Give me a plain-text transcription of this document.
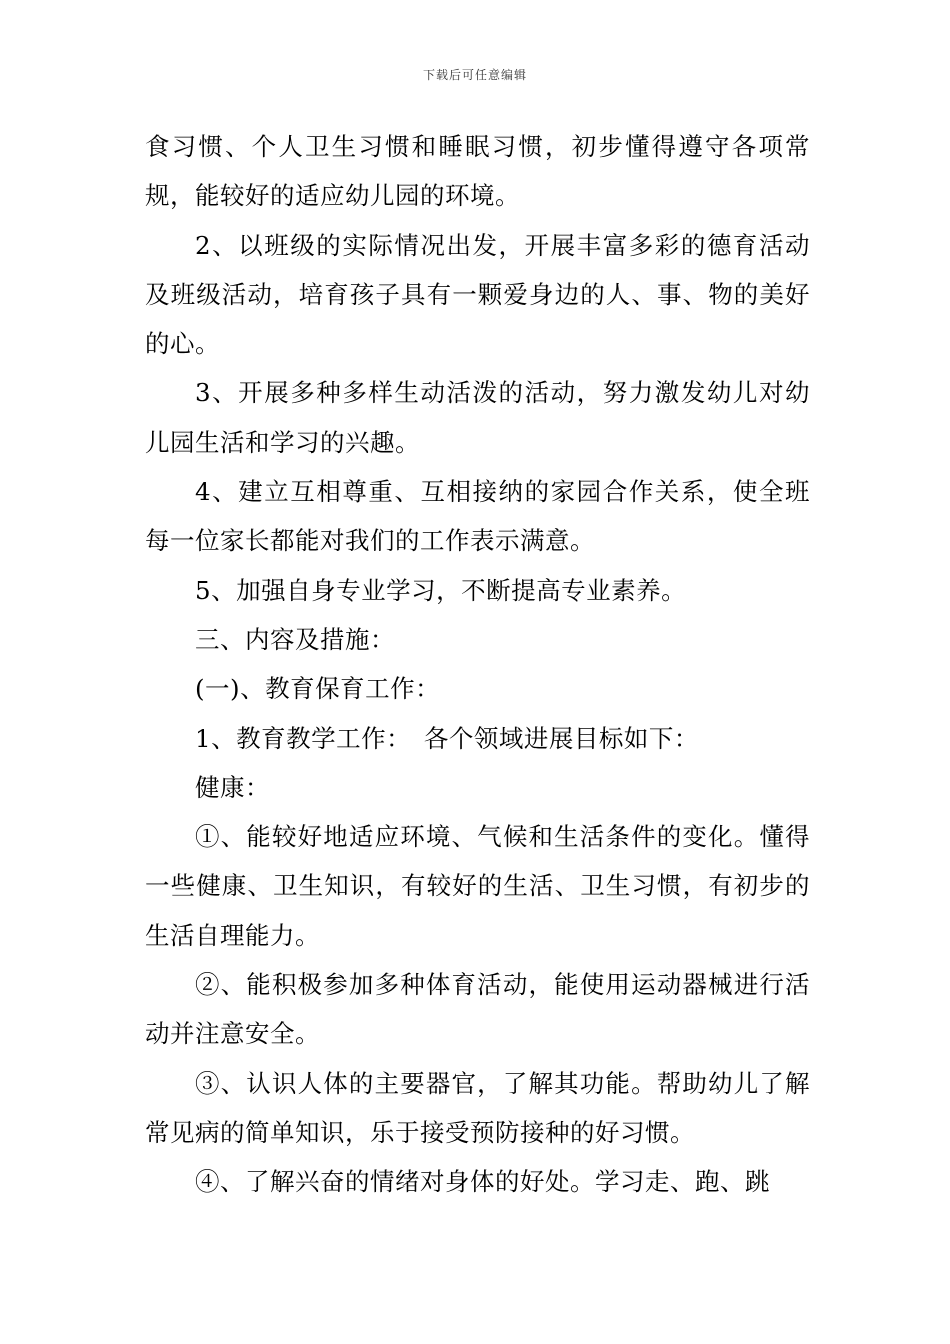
下载后可任意编辑

食习惯、个人卫生习惯和睡眠习惯，初步懂得遵守各项常规，能较好的适应幼儿园的环境。

2、以班级的实际情况出发，开展丰富多彩的德育活动及班级活动，培育孩子具有一颗爱身边的人、事、物的美好的心。

3、开展多种多样生动活泼的活动，努力激发幼儿对幼儿园生活和学习的兴趣。

4、建立互相尊重、互相接纳的家园合作关系，使全班每一位家长都能对我们的工作表示满意。

5、加强自身专业学习，不断提高专业素养。

三、内容及措施：

(一)、教育保育工作：

1、教育教学工作：　各个领域进展目标如下：

健康：

①、能较好地适应环境、气候和生活条件的变化。懂得一些健康、卫生知识，有较好的生活、卫生习惯，有初步的生活自理能力。

②、能积极参加多种体育活动，能使用运动器械进行活动并注意安全。

③、认识人体的主要器官，了解其功能。帮助幼儿了解常见病的简单知识，乐于接受预防接种的好习惯。

④、了解兴奋的情绪对身体的好处。学习走、跑、跳
